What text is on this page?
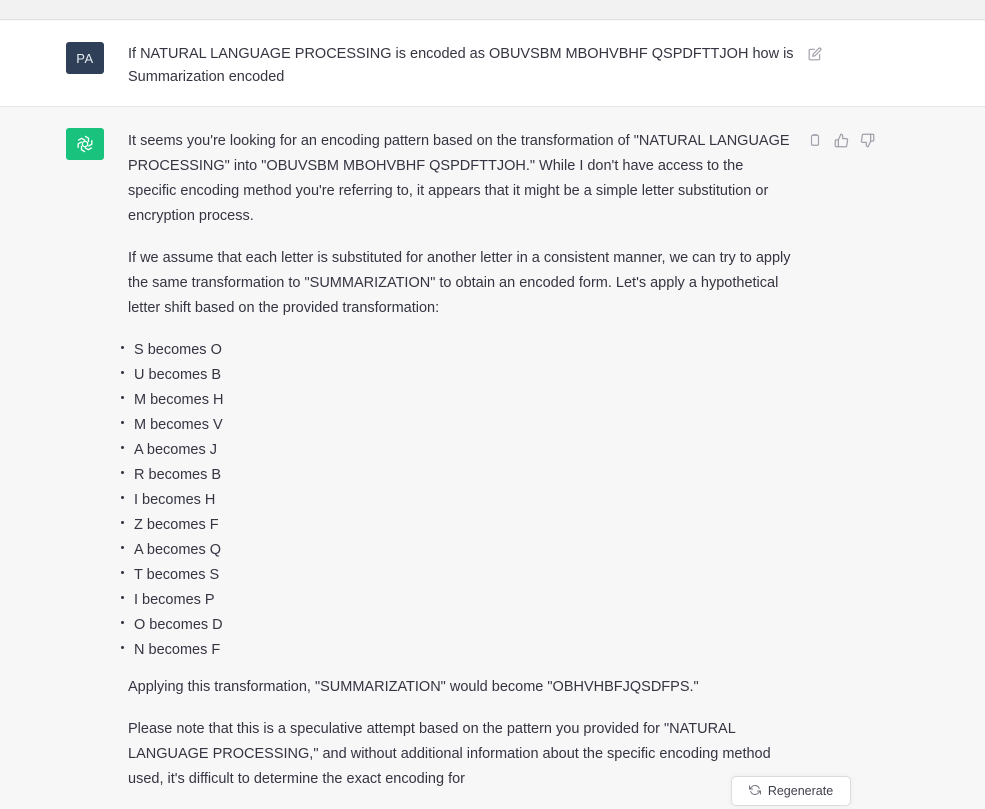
PA	If NATURAL LANGUAGE PROCESSING is encoded as OBUVSBM MBOHVBHF QSPDFTTJOH how is Summarization encoded

It seems you're looking for an encoding pattern based on the transformation of "NATURAL LANGUAGE PROCESSING" into "OBUVSBM MBOHVBHF QSPDFTTJOH." While I don't have access to the specific encoding method you're referring to, it appears that it might be a simple letter substitution or encryption process.

If we assume that each letter is substituted for another letter in a consistent manner, we can try to apply the same transformation to "SUMMARIZATION" to obtain an encoded form. Let's apply a hypothetical letter shift based on the provided transformation:

S becomes O
U becomes B
M becomes H
M becomes V
A becomes J
R becomes B
I becomes H
Z becomes F
A becomes Q
T becomes S
I becomes P
O becomes D
N becomes F

Applying this transformation, "SUMMARIZATION" would become "OBHVHBFJQSDFPS."

Please note that this is a speculative attempt based on the pattern you provided for "NATURAL LANGUAGE PROCESSING," and without additional information about the specific encoding method used, it's difficult to determine the exact encoding for

Regenerate
